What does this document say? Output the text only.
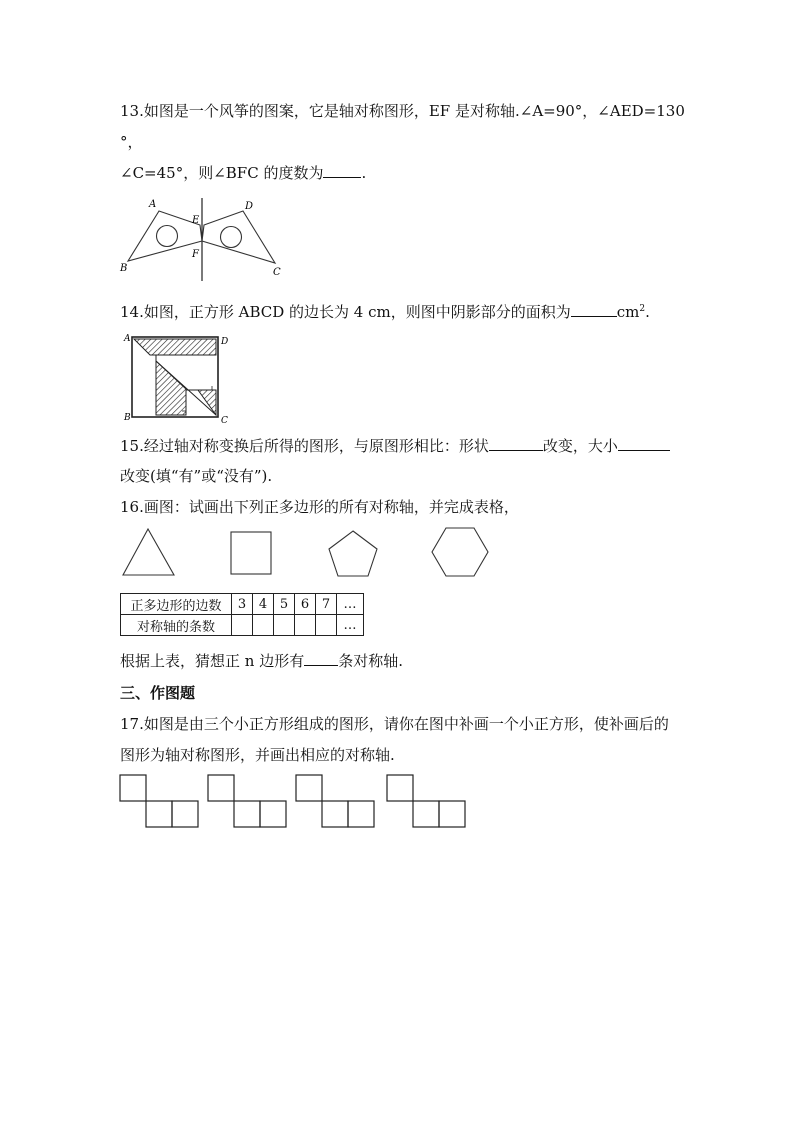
13.如图是一个风筝的图案，它是轴对称图形，EF 是对称轴.∠A=90°，∠AED=130
°，
∠C=45°，则∠BFC 的度数为	.
A
B	C
D
E
F
14.如图，正方形 ABCD 的边长为 4 cm，则图中阴影部分的面积为	$cm^2$.
A	D
B	C
15.经过轴对称变换后所得的图形，与原图形相比：形状	改变，大小
改变(填“有”或“没有”).
16.画图：试画出下列正多边形的所有对称轴，并完成表格，
正多边形的边数	3	4	5	6	7	…
对称轴的条数						…
根据上表，猜想正 n 边形有 条对称轴.
三、作图题
17.如图是由三个小正方形组成的图形，请你在图中补画一个小正方形，使补画后的
图形为轴对称图形，并画出相应的对称轴.
